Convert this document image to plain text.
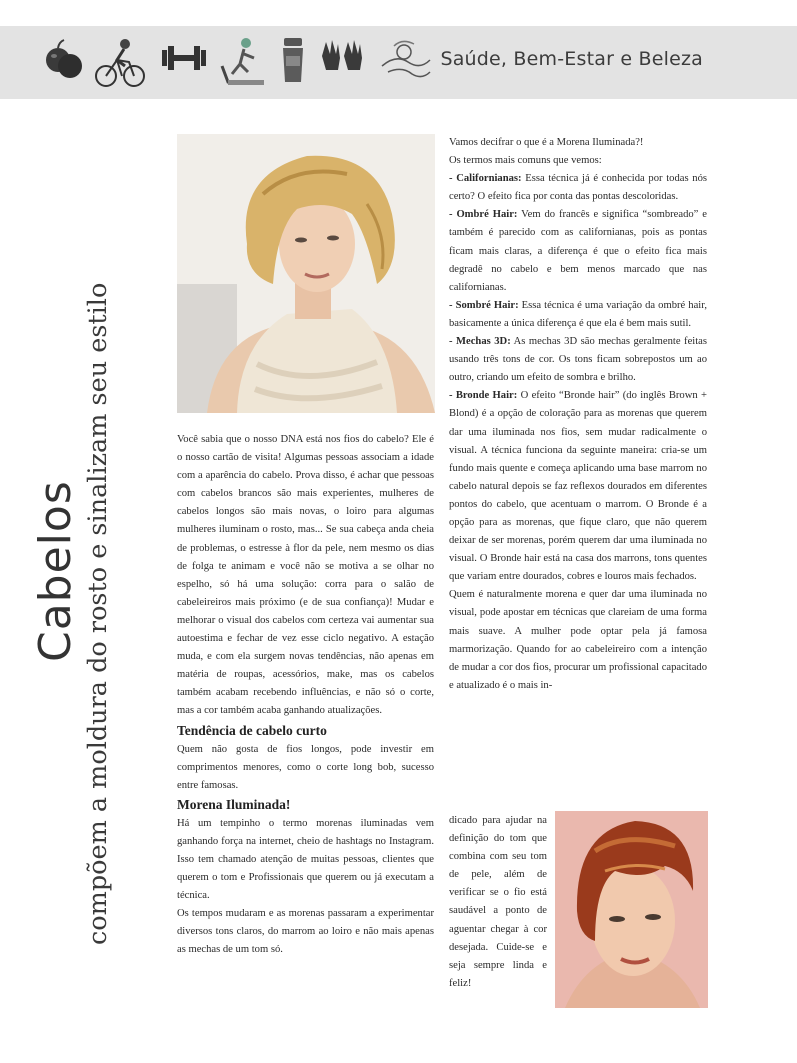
Saúde, Bem-Estar e Beleza
Cabelos compõem a moldura do rosto e sinalizam seu estilo	Você sabia que o nosso DNA está nos fios do cabelo? Ele é o nosso cartão de visita! Algumas pessoas associam a idade com a aparência do cabelo. Prova disso, é achar que pessoas com cabelos brancos são mais experientes, mulheres de cabelos longos são mais novas, o loiro para algumas mulheres iluminam o rosto, mas... Se sua cabeça anda cheia de problemas, o estresse à flor da pele, nem mesmo os dias de folga te animam e você não se motiva a se olhar no espelho, só há uma solução: corra para o salão de cabeleireiros mais próximo (e de sua confiança)! Mudar e melhorar o visual dos cabelos com certeza vai aumentar sua autoestima e fechar de vez esse ciclo negativo. A estação muda, e com ela surgem novas tendências, não apenas em matéria de roupas, acessórios, make, mas os cabelos também acabam recebendo influências, e não só o corte, mas a cor também acaba ganhando atualizações.

Tendência de cabelo curto

Quem não gosta de fios longos, pode investir em comprimentos menores, como o corte long bob, sucesso entre famosas.

Morena Iluminada!

Há um tempinho o termo morenas iluminadas vem ganhando força na internet, cheio de hashtags no Instagram. Isso tem chamado atenção de muitas pessoas, clientes que querem o tom e Profissionais que querem ou já executam a técnica.

Os tempos mudaram e as morenas passaram a experimentar diversos tons claros, do marrom ao loiro e não mais apenas as mechas de um tom só.

Vamos decifrar o que é a Morena Iluminada?!

Os termos mais comuns que vemos:

- Californianas: Essa técnica já é conhecida por todas nós certo? O efeito fica por conta das pontas descoloridas.

- Ombré Hair: Vem do francês e significa “sombreado” e também é parecido com as californianas, pois as pontas ficam mais claras, a diferença é que o efeito fica mais degradê no cabelo e bem menos marcado que nas californianas.

- Sombré Hair: Essa técnica é uma variação da ombré hair, basicamente a única diferença é que ela é bem mais sutil.

- Mechas 3D: As mechas 3D são mechas geralmente feitas usando três tons de cor. Os tons ficam sobrepostos um ao outro, criando um efeito de sombra e brilho.

- Bronde Hair: O efeito “Bronde hair” (do inglês Brown + Blond) é a opção de coloração para as morenas que querem dar uma iluminada nos fios, sem mudar radicalmente o visual. A técnica funciona da seguinte maneira: cria-se um fundo mais quente e começa aplicando uma base marrom no cabelo natural depois se faz reflexos dourados em diferentes pontos do cabelo, que acentuam o marrom. O Bronde é a opção para as morenas, que fique claro, que não querem deixar de ser morenas, porém querem dar uma iluminada no visual. O Bronde hair está na casa dos marrons, tons quentes que variam entre dourados, cobres e louros mais fechados.

Quem é naturalmente morena e quer dar uma iluminada no visual, pode apostar em técnicas que clareiam de uma forma mais suave. A mulher pode optar pela já famosa marmorização. Quando for ao cabeleireiro com a intenção de mudar a cor dos fios, procurar um profissional capacitado e atualizado é o mais in-

dicado para ajudar na definição do tom que combina com seu tom de pele, além de verificar se o fio está saudável a ponto de aguentar chegar à cor desejada. Cuide-se e seja sempre linda e feliz!
